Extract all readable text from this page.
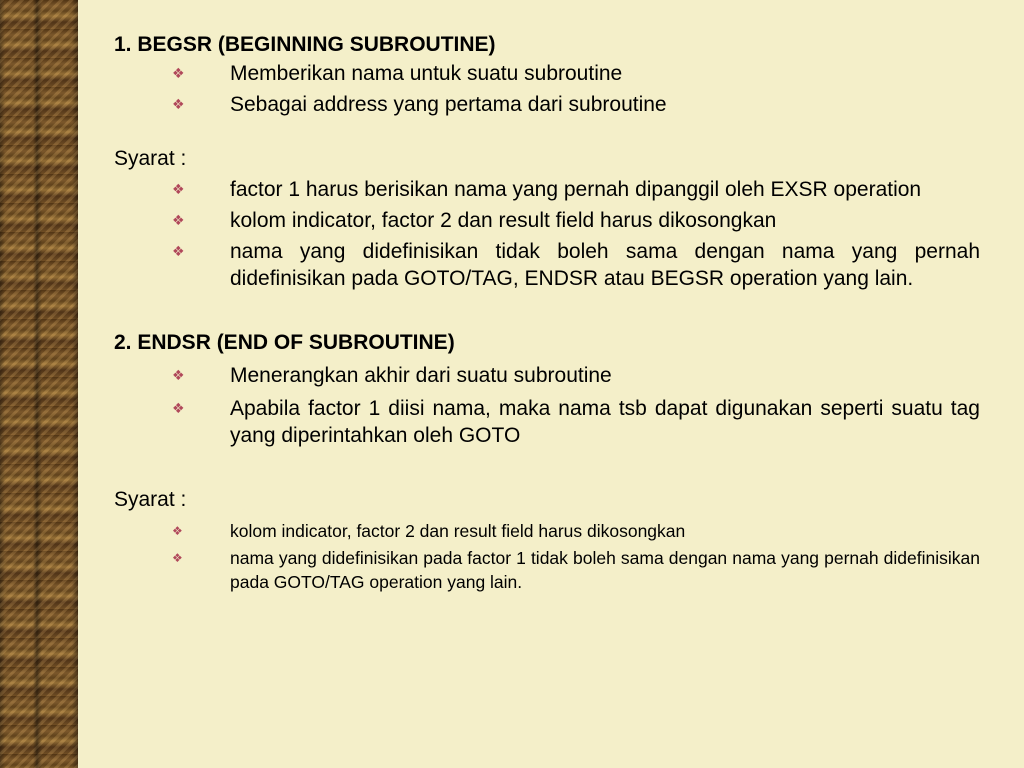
1. BEGSR (BEGINNING SUBROUTINE)
❖ Memberikan nama untuk suatu subroutine
❖ Sebagai address yang pertama dari subroutine
Syarat :
❖ factor 1 harus berisikan nama yang pernah dipanggil oleh EXSR operation
❖ kolom indicator, factor 2 dan result field harus dikosongkan
❖ nama yang didefinisikan tidak boleh sama dengan nama yang pernah didefinisikan pada GOTO/TAG, ENDSR atau BEGSR operation yang lain.
2. ENDSR (END OF SUBROUTINE)
❖ Menerangkan akhir dari suatu subroutine
❖ Apabila factor 1 diisi nama, maka nama tsb dapat digunakan seperti suatu tag yang diperintahkan oleh GOTO
Syarat :
❖	kolom indicator, factor 2 dan result field harus dikosongkan
❖	nama yang didefinisikan pada factor 1 tidak boleh sama dengan nama yang pernah didefinisikan pada GOTO/TAG operation yang lain.
